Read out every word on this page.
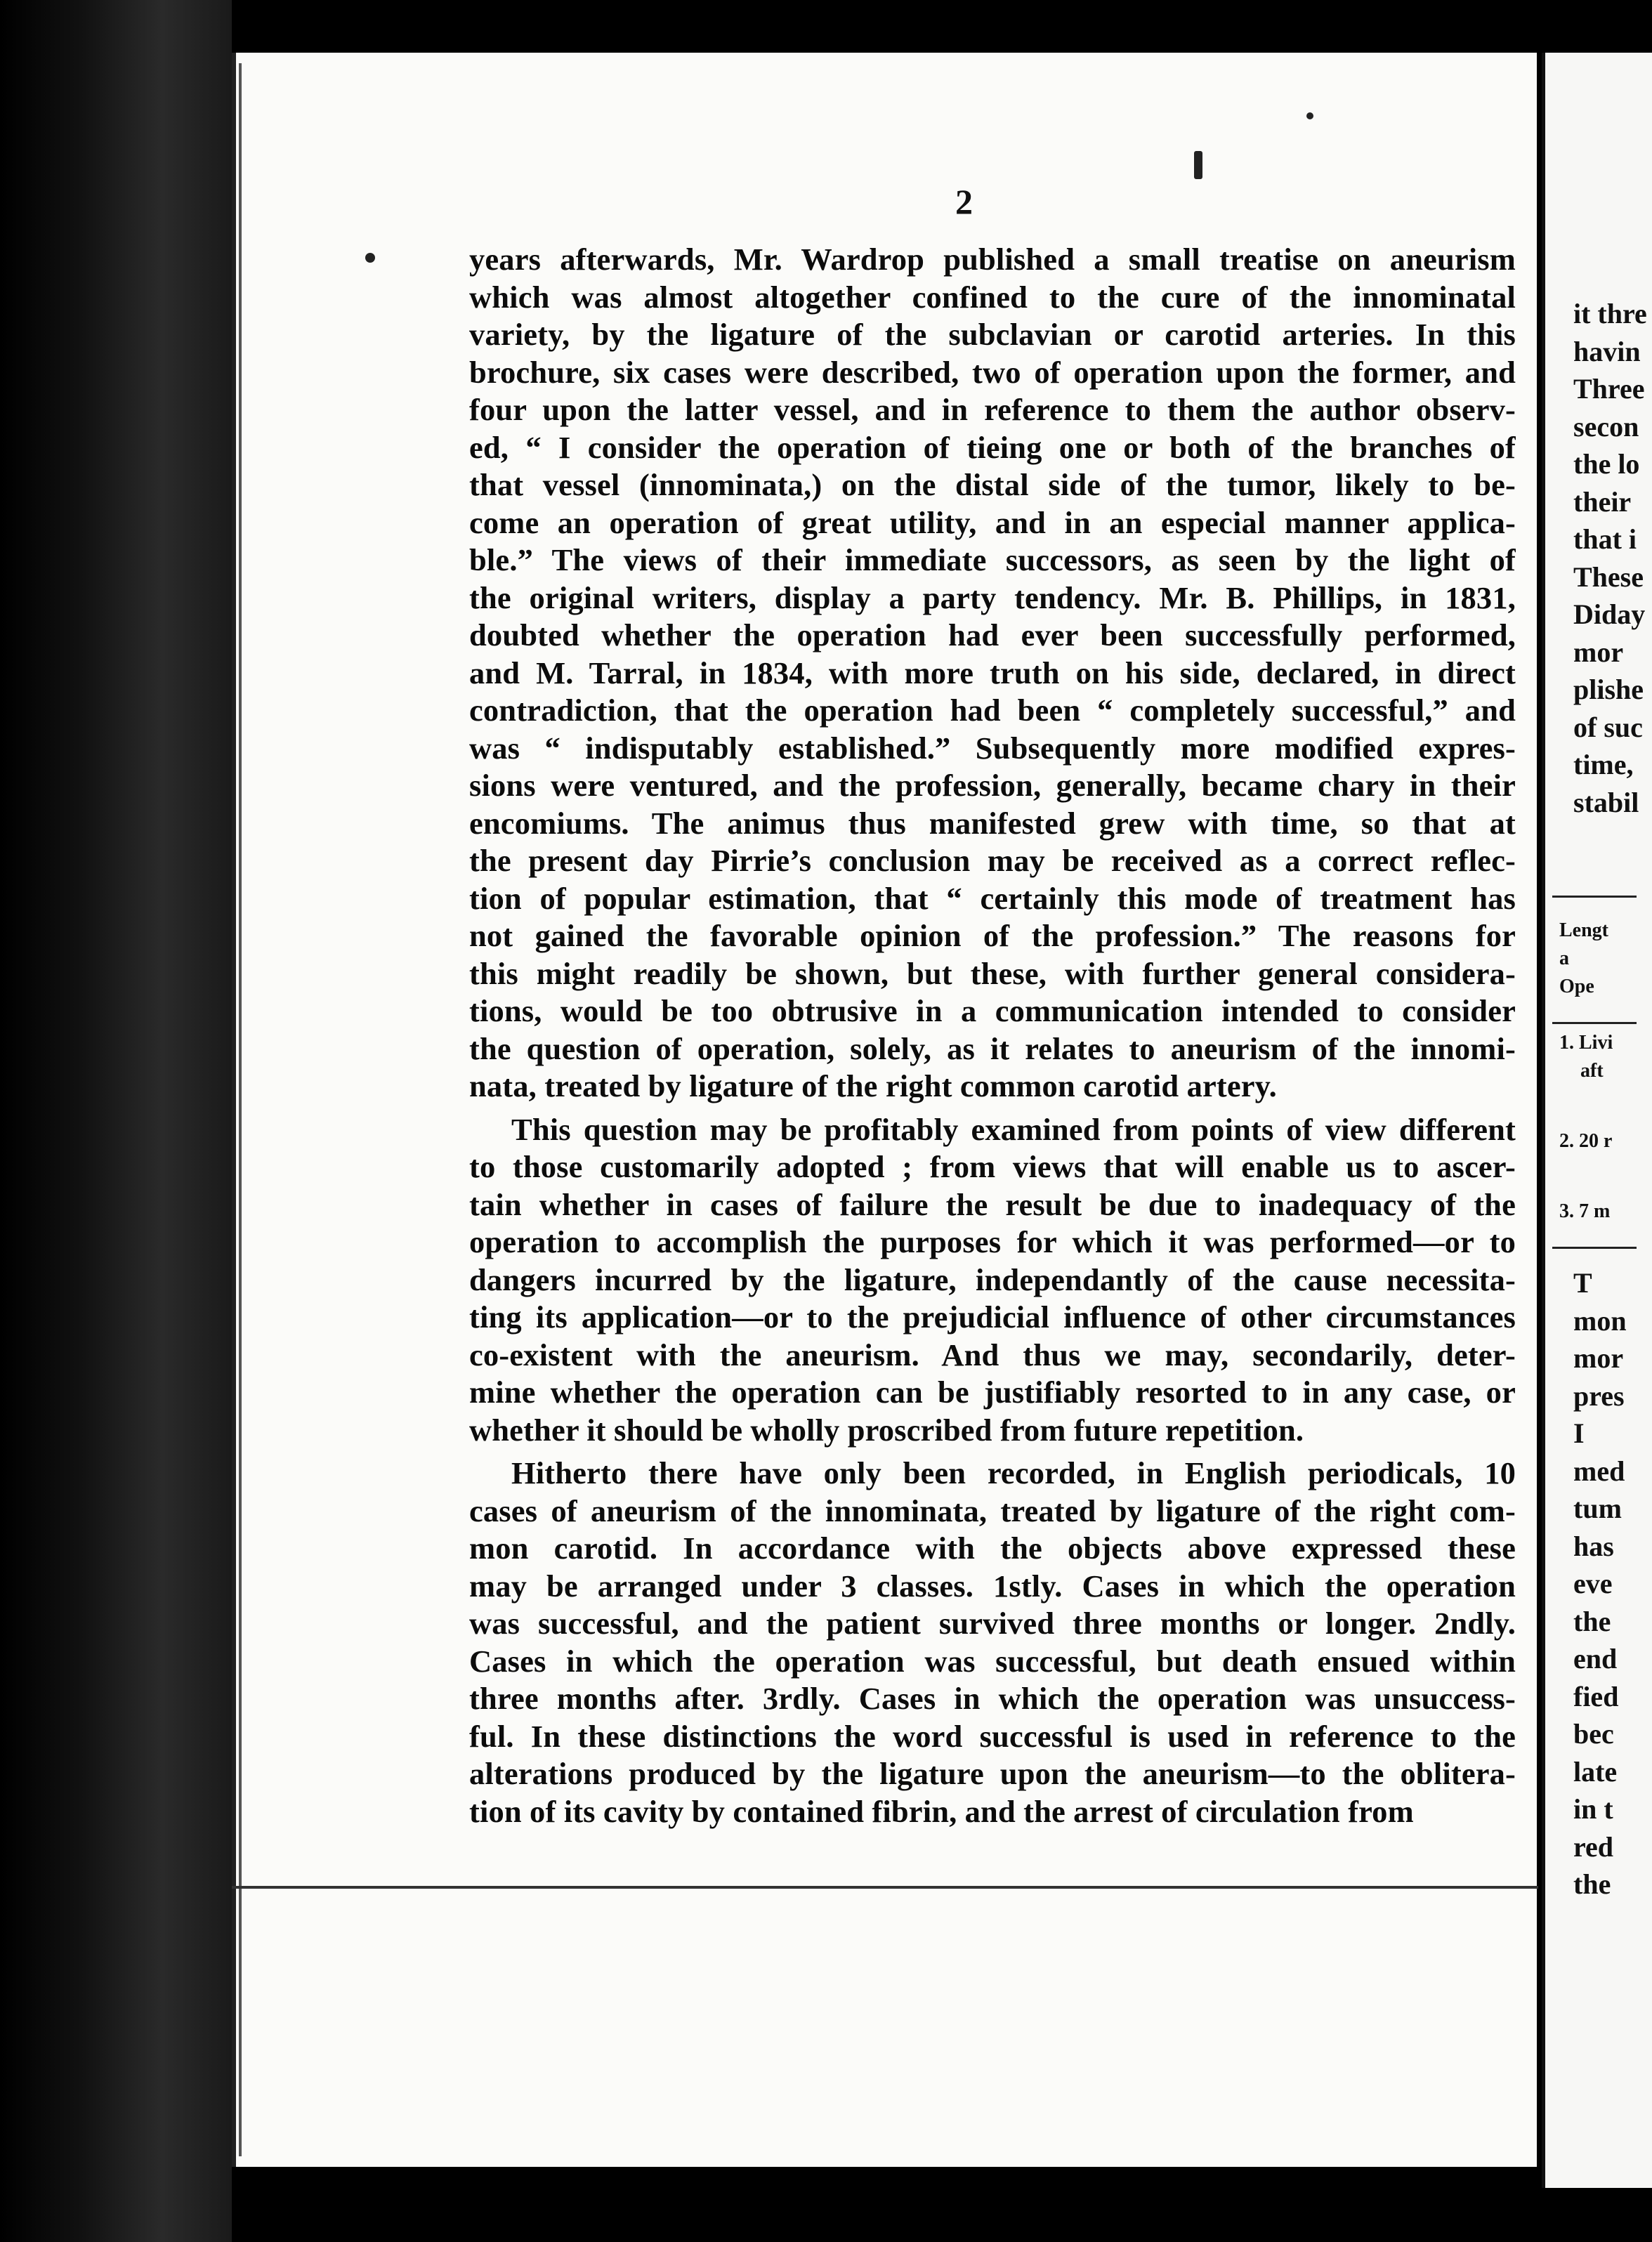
2
years afterwards, Mr. Wardrop published a small treatise on aneurism
which was almost altogether confined to the cure of the innominatal
variety, by the ligature of the subclavian or carotid arteries. In this
brochure, six cases were described, two of operation upon the former, and
four upon the latter vessel, and in reference to them the author observ-
ed, “ I consider the operation of tieing one or both of the branches of
that vessel (innominata,) on the distal side of the tumor, likely to be-
come an operation of great utility, and in an especial manner applica-
ble.” The views of their immediate successors, as seen by the light of
the original writers, display a party tendency. Mr. B. Phillips, in 1831,
doubted whether the operation had ever been successfully performed,
and M. Tarral, in 1834, with more truth on his side, declared, in direct
contradiction, that the operation had been “ completely successful,” and
was “ indisputably established.” Subsequently more modified expres-
sions were ventured, and the profession, generally, became chary in their
encomiums. The animus thus manifested grew with time, so that at
the present day Pirrie’s conclusion may be received as a correct reflec-
tion of popular estimation, that “ certainly this mode of treatment has
not gained the favorable opinion of the profession.” The reasons for
this might readily be shown, but these, with further general considera-
tions, would be too obtrusive in a communication intended to consider
the question of operation, solely, as it relates to aneurism of the innomi-
nata, treated by ligature of the right common carotid artery.
This question may be profitably examined from points of view different
to those customarily adopted ; from views that will enable us to ascer-
tain whether in cases of failure the result be due to inadequacy of the
operation to accomplish the purposes for which it was performed—or to
dangers incurred by the ligature, independantly of the cause necessita-
ting its application—or to the prejudicial influence of other circumstances
co-existent with the aneurism. And thus we may, secondarily, deter-
mine whether the operation can be justifiably resorted to in any case, or
whether it should be wholly proscribed from future repetition.
Hitherto there have only been recorded, in English periodicals, 10
cases of aneurism of the innominata, treated by ligature of the right com-
mon carotid. In accordance with the objects above expressed these
may be arranged under 3 classes. 1stly. Cases in which the operation
was successful, and the patient survived three months or longer. 2ndly.
Cases in which the operation was successful, but death ensued within
three months after. 3rdly. Cases in which the operation was unsuccess-
ful. In these distinctions the word successful is used in reference to the
alterations produced by the ligature upon the aneurism—to the oblitera-
tion of its cavity by contained fibrin, and the arrest of circulation from
it thre
havin
Three
secon
the lo
their
that i
These
Diday
mor
plishe
of suc
time,
stabil
Lengt
a
Ope
1. Livi
aft
2. 20 r
3. 7 m
T
mon
mor
pres
I
med
tum
has
eve
the
end
fied
bec
late
in t
red
the
